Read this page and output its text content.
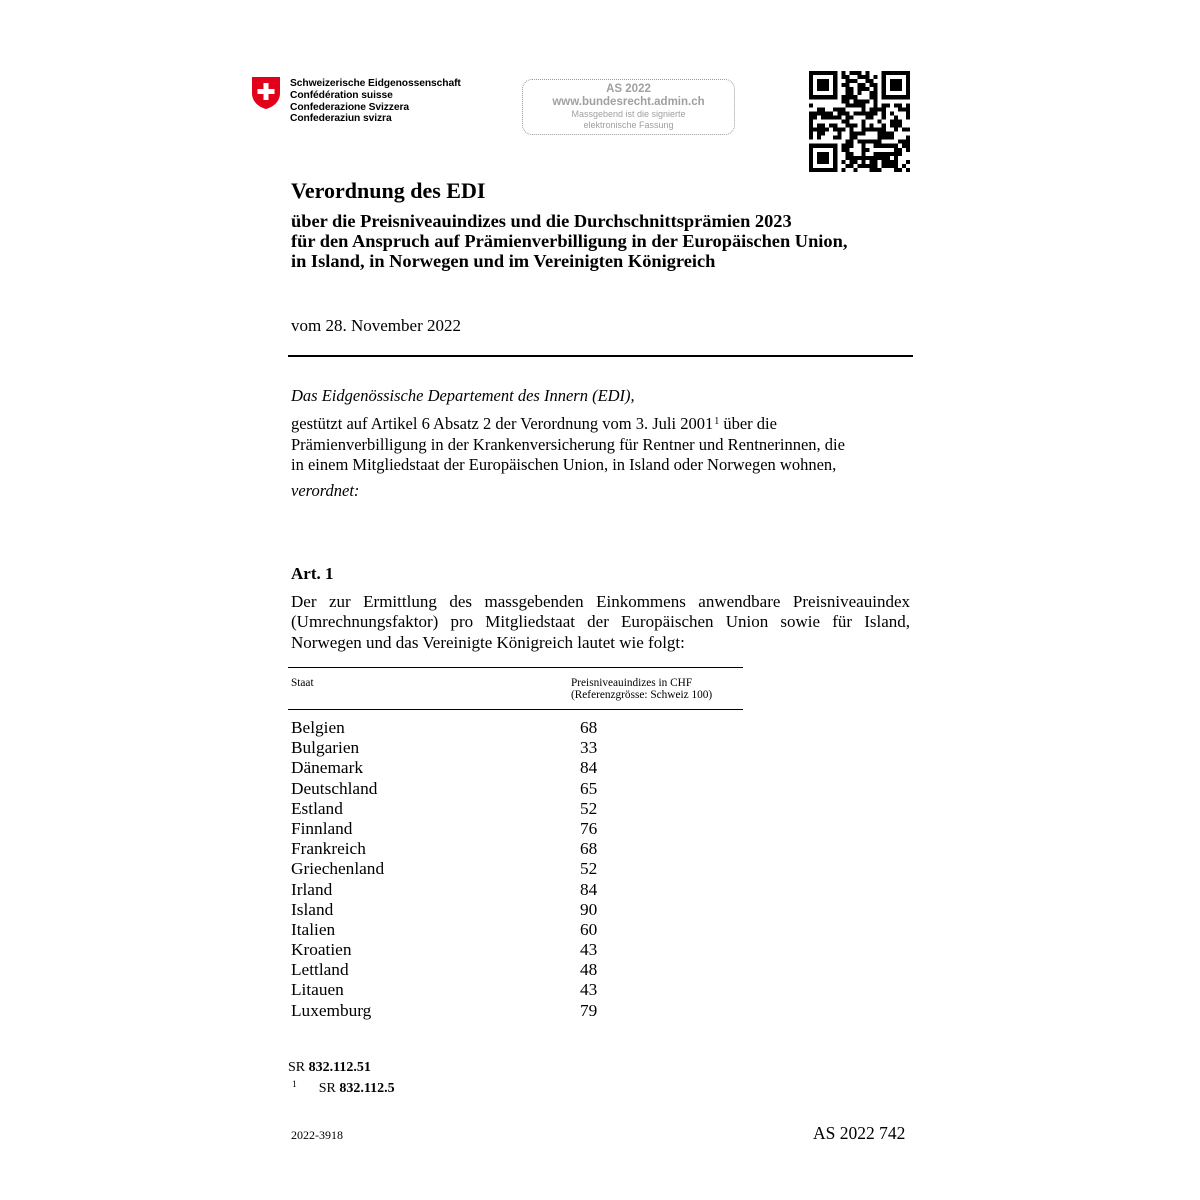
Schweizerische Eidgenossenschaft
Confédération suisse
Confederazione Svizzera
Confederaziun svizra
AS 2022
www.bundesrecht.admin.ch
Massgebend ist die signierte
elektronische Fassung
Verordnung des EDI
über die Preisniveauindizes und die Durchschnittsprämien 2023
für den Anspruch auf Prämienverbilligung in der Europäischen Union,
in Island, in Norwegen und im Vereinigten Königreich
vom 28. November 2022
Das Eidgenössische Departement des Innern (EDI),
gestützt auf Artikel 6 Absatz 2 der Verordnung vom 3. Juli 2001$^1$ über die
Prämienverbilligung in der Krankenversicherung für Rentner und Rentnerinnen, die
in einem Mitgliedstaat der Europäischen Union, in Island oder Norwegen wohnen,
verordnet:
Art. 1
Der zur Ermittlung des massgebenden Einkommens anwendbare Preisniveauindex
(Umrechnungsfaktor) pro Mitgliedstaat der Europäischen Union sowie für Island,
Norwegen und das Vereinigte Königreich lautet wie folgt:
Staat	Preisniveauindizes in CHF
(Referenzgrösse: Schweiz 100)
Belgien	68
Bulgarien	33
Dänemark	84
Deutschland	65
Estland	52
Finnland	76
Frankreich	68
Griechenland	52
Irland	84
Island	90
Italien	60
Kroatien	43
Lettland	48
Litauen	43
Luxemburg	79
SR 832.112.51
$^1$ SR 832.112.5
2022-3918	AS 2022 742
